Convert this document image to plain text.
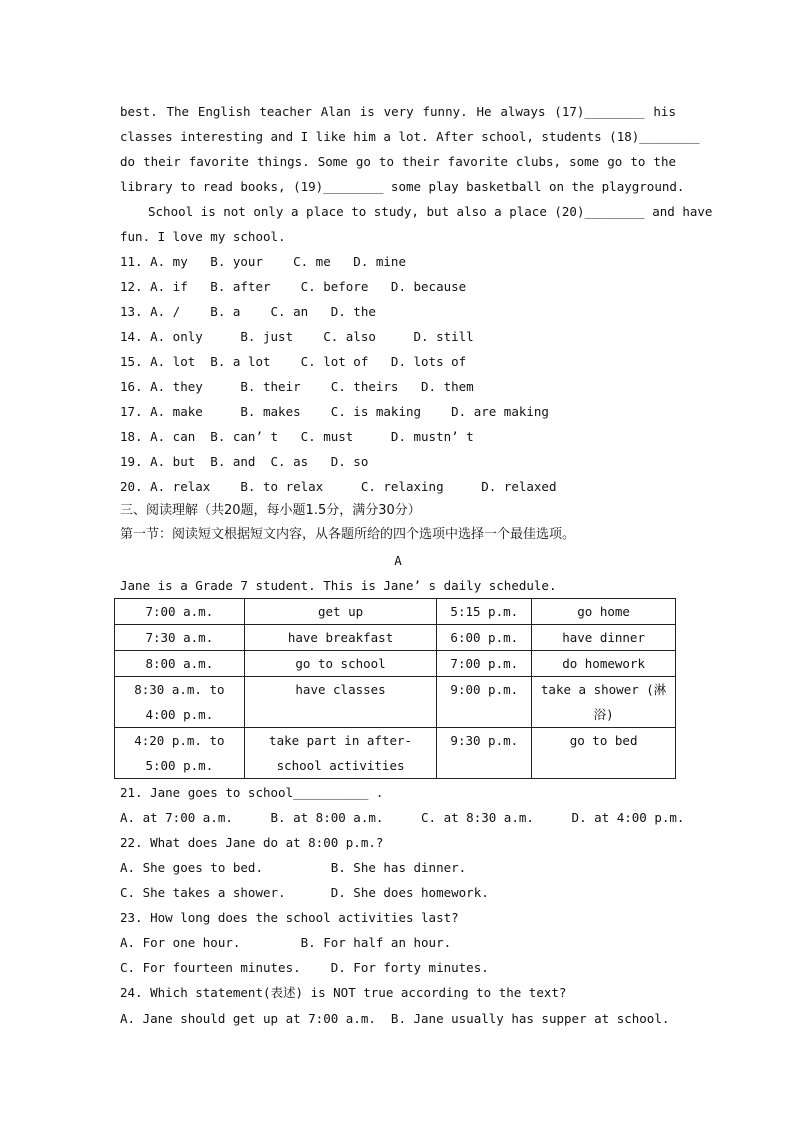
best. The English teacher Alan is very funny. He always (17)________ his
classes interesting and I like him a lot. After school, students (18)________
do their favorite things. Some go to their favorite clubs, some go to the
library to read books, (19)________ some play basketball on the playground.
School is not only a place to study, but also a place (20)________ and have
fun. I love my school.
11. A. my   B. your    C. me   D. mine
12. A. if   B. after    C. before   D. because
13. A. /    B. a    C. an   D. the
14. A. only     B. just    C. also     D. still
15. A. lot  B. a lot    C. lot of   D. lots of
16. A. they     B. their    C. theirs   D. them
17. A. make     B. makes    C. is making    D. are making
18. A. can  B. can’ t   C. must     D. mustn’ t
19. A. but  B. and  C. as   D. so
20. A. relax    B. to relax     C. relaxing     D. relaxed
三、阅读理解（共20题，每小题1.5分，满分30分）
第一节：阅读短文根据短文内容，从各题所给的四个选项中选择一个最佳选项。
A
Jane is a Grade 7 student. This is Jane’ s daily schedule.
7:00 a.m.	get up	5:15 p.m.	go home
7:30 a.m.	have breakfast	6:00 p.m.	have dinner
8:00 a.m.	go to school	7:00 p.m.	do homework
8:30 a.m. to 4:00 p.m.	have classes	9:00 p.m.	take a shower (淋浴)
4:20 p.m. to 5:00 p.m.	take part in after-school activities	9:30 p.m.	go to bed
21. Jane goes to school__________ .
A. at 7:00 a.m.     B. at 8:00 a.m.     C. at 8:30 a.m.     D. at 4:00 p.m.
22. What does Jane do at 8:00 p.m.?
A. She goes to bed.         B. She has dinner.
C. She takes a shower.      D. She does homework.
23. How long does the school activities last?
A. For one hour.        B. For half an hour.
C. For fourteen minutes.    D. For forty minutes.
24. Which statement(表述) is NOT true according to the text?
A. Jane should get up at 7:00 a.m.  B. Jane usually has supper at school.
